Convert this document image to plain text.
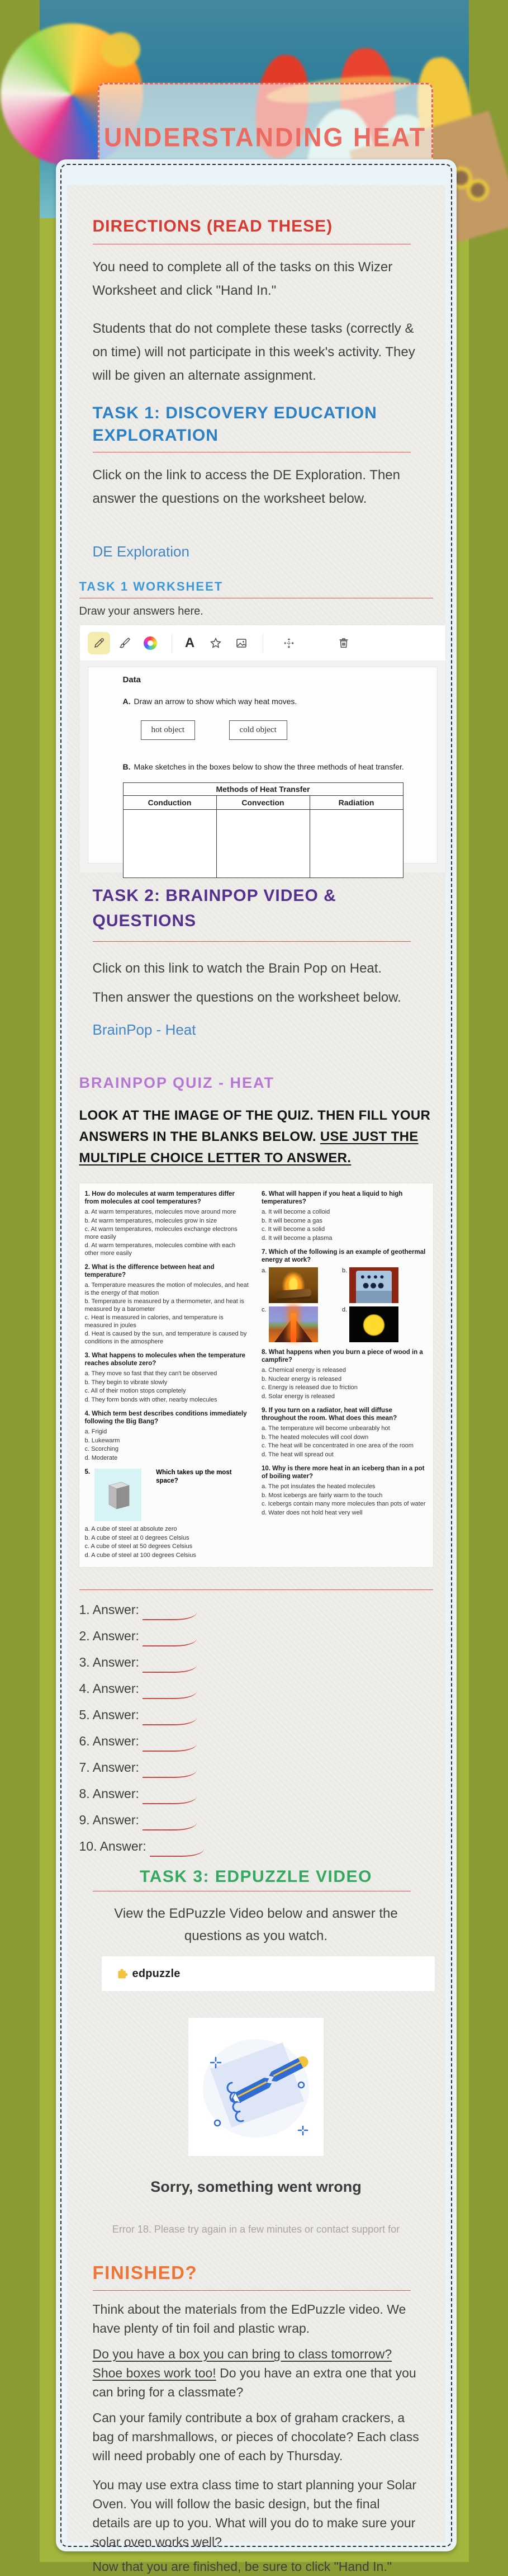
UNDERSTANDING HEAT
DIRECTIONS (READ THESE)

You need to complete all of the tasks on this Wizer Worksheet and click "Hand In."

Students that do not complete these tasks (correctly & on time) will not participate in this week's activity. They will be given an alternate assignment.

TASK 1: DISCOVERY EDUCATION EXPLORATION

Click on the link to access the DE Exploration. Then answer the questions on the worksheet below.

DE Exploration
TASK 1 WORKSHEET

Draw your answers here.

A
Data
A. Draw an arrow to show which way heat moves.
hot object	cold object
B. Make sketches in the boxes below to show the three methods of heat transfer.
Methods of Heat Transfer		
Conduction	Convection	Radiation

TASK 2: BRAINPOP VIDEO & QUESTIONS

Click on this link to watch the Brain Pop on Heat. Then answer the questions on the worksheet below.

BrainPop - Heat
BRAINPOP QUIZ - HEAT

LOOK AT THE IMAGE OF THE QUIZ. THEN FILL YOUR ANSWERS IN THE BLANKS BELOW. USE JUST THE MULTIPLE CHOICE LETTER TO ANSWER.

1. How do molecules at warm temperatures differ from molecules at cool temperatures?
a. At warm temperatures, molecules move around more
b. At warm temperatures, molecules grow in size
c. At warm temperatures, molecules exchange electrons more easily
d. At warm temperatures, molecules combine with each other more easily
2. What is the difference between heat and temperature?
a. Temperature measures the motion of molecules, and heat is the energy of that motion
b. Temperature is measured by a thermometer, and heat is measured by a barometer
c. Heat is measured in calories, and temperature is measured in joules
d. Heat is caused by the sun, and temperature is caused by conditions in the atmosphere
3. What happens to molecules when the temperature reaches absolute zero?
a. They move so fast that they can't be observed
b. They begin to vibrate slowly
c. All of their motion stops completely
d. They form bonds with other, nearby molecules
4. Which term best describes conditions immediately following the Big Bang?
a. Frigid
b. Lukewarm
c. Scorching
d. Moderate
5.	Which takes up the most space?
a. A cube of steel at absolute zero
b. A cube of steel at 0 degrees Celsius
c. A cube of steel at 50 degrees Celsius
d. A cube of steel at 100 degrees Celsius
6. What will happen if you heat a liquid to high temperatures?
a. It will become a colloid
b. It will become a gas
c. It will become a solid
d. It will become a plasma
7. Which of the following is an example of geothermal energy at work?
a.	b.
c.	d.
8. What happens when you burn a piece of wood in a campfire?
a. Chemical energy is released
b. Nuclear energy is released
c. Energy is released due to friction
d. Solar energy is released
9. If you turn on a radiator, heat will diffuse throughout the room. What does this mean?
a. The temperature will become unbearably hot
b. The heated molecules will cool down
c. The heat will be concentrated in one area of the room
d. The heat will spread out
10. Why is there more heat in an iceberg than in a pot of boiling water?
a. The pot insulates the heated molecules
b. Most icebergs are fairly warm to the touch
c. Icebergs contain many more molecules than pots of water
d. Water does not hold heat very well
1. Answer:
2. Answer:
3. Answer:
4. Answer:
5. Answer:
6. Answer:
7. Answer:
8. Answer:
9. Answer:
10. Answer:
TASK 3: EDPUZZLE VIDEO

View the EdPuzzle Video below and answer the questions as you watch.

edpuzzle
Sorry, something went wrong
Error 18. Please try again in a few minutes or contact support for
FINISHED?

Think about the materials from the EdPuzzle video. We have plenty of tin foil and plastic wrap.

Do you have a box you can bring to class tomorrow? Shoe boxes work too! Do you have an extra one that you can bring for a classmate?

Can your family contribute a box of graham crackers, a bag of marshmallows, or pieces of chocolate? Each class will need probably one of each by Thursday.

You may use extra class time to start planning your Solar Oven. You will follow the basic design, but the final details are up to you. What will you do to make sure your solar oven works well?

Now that you are finished, be sure to click "Hand In."
